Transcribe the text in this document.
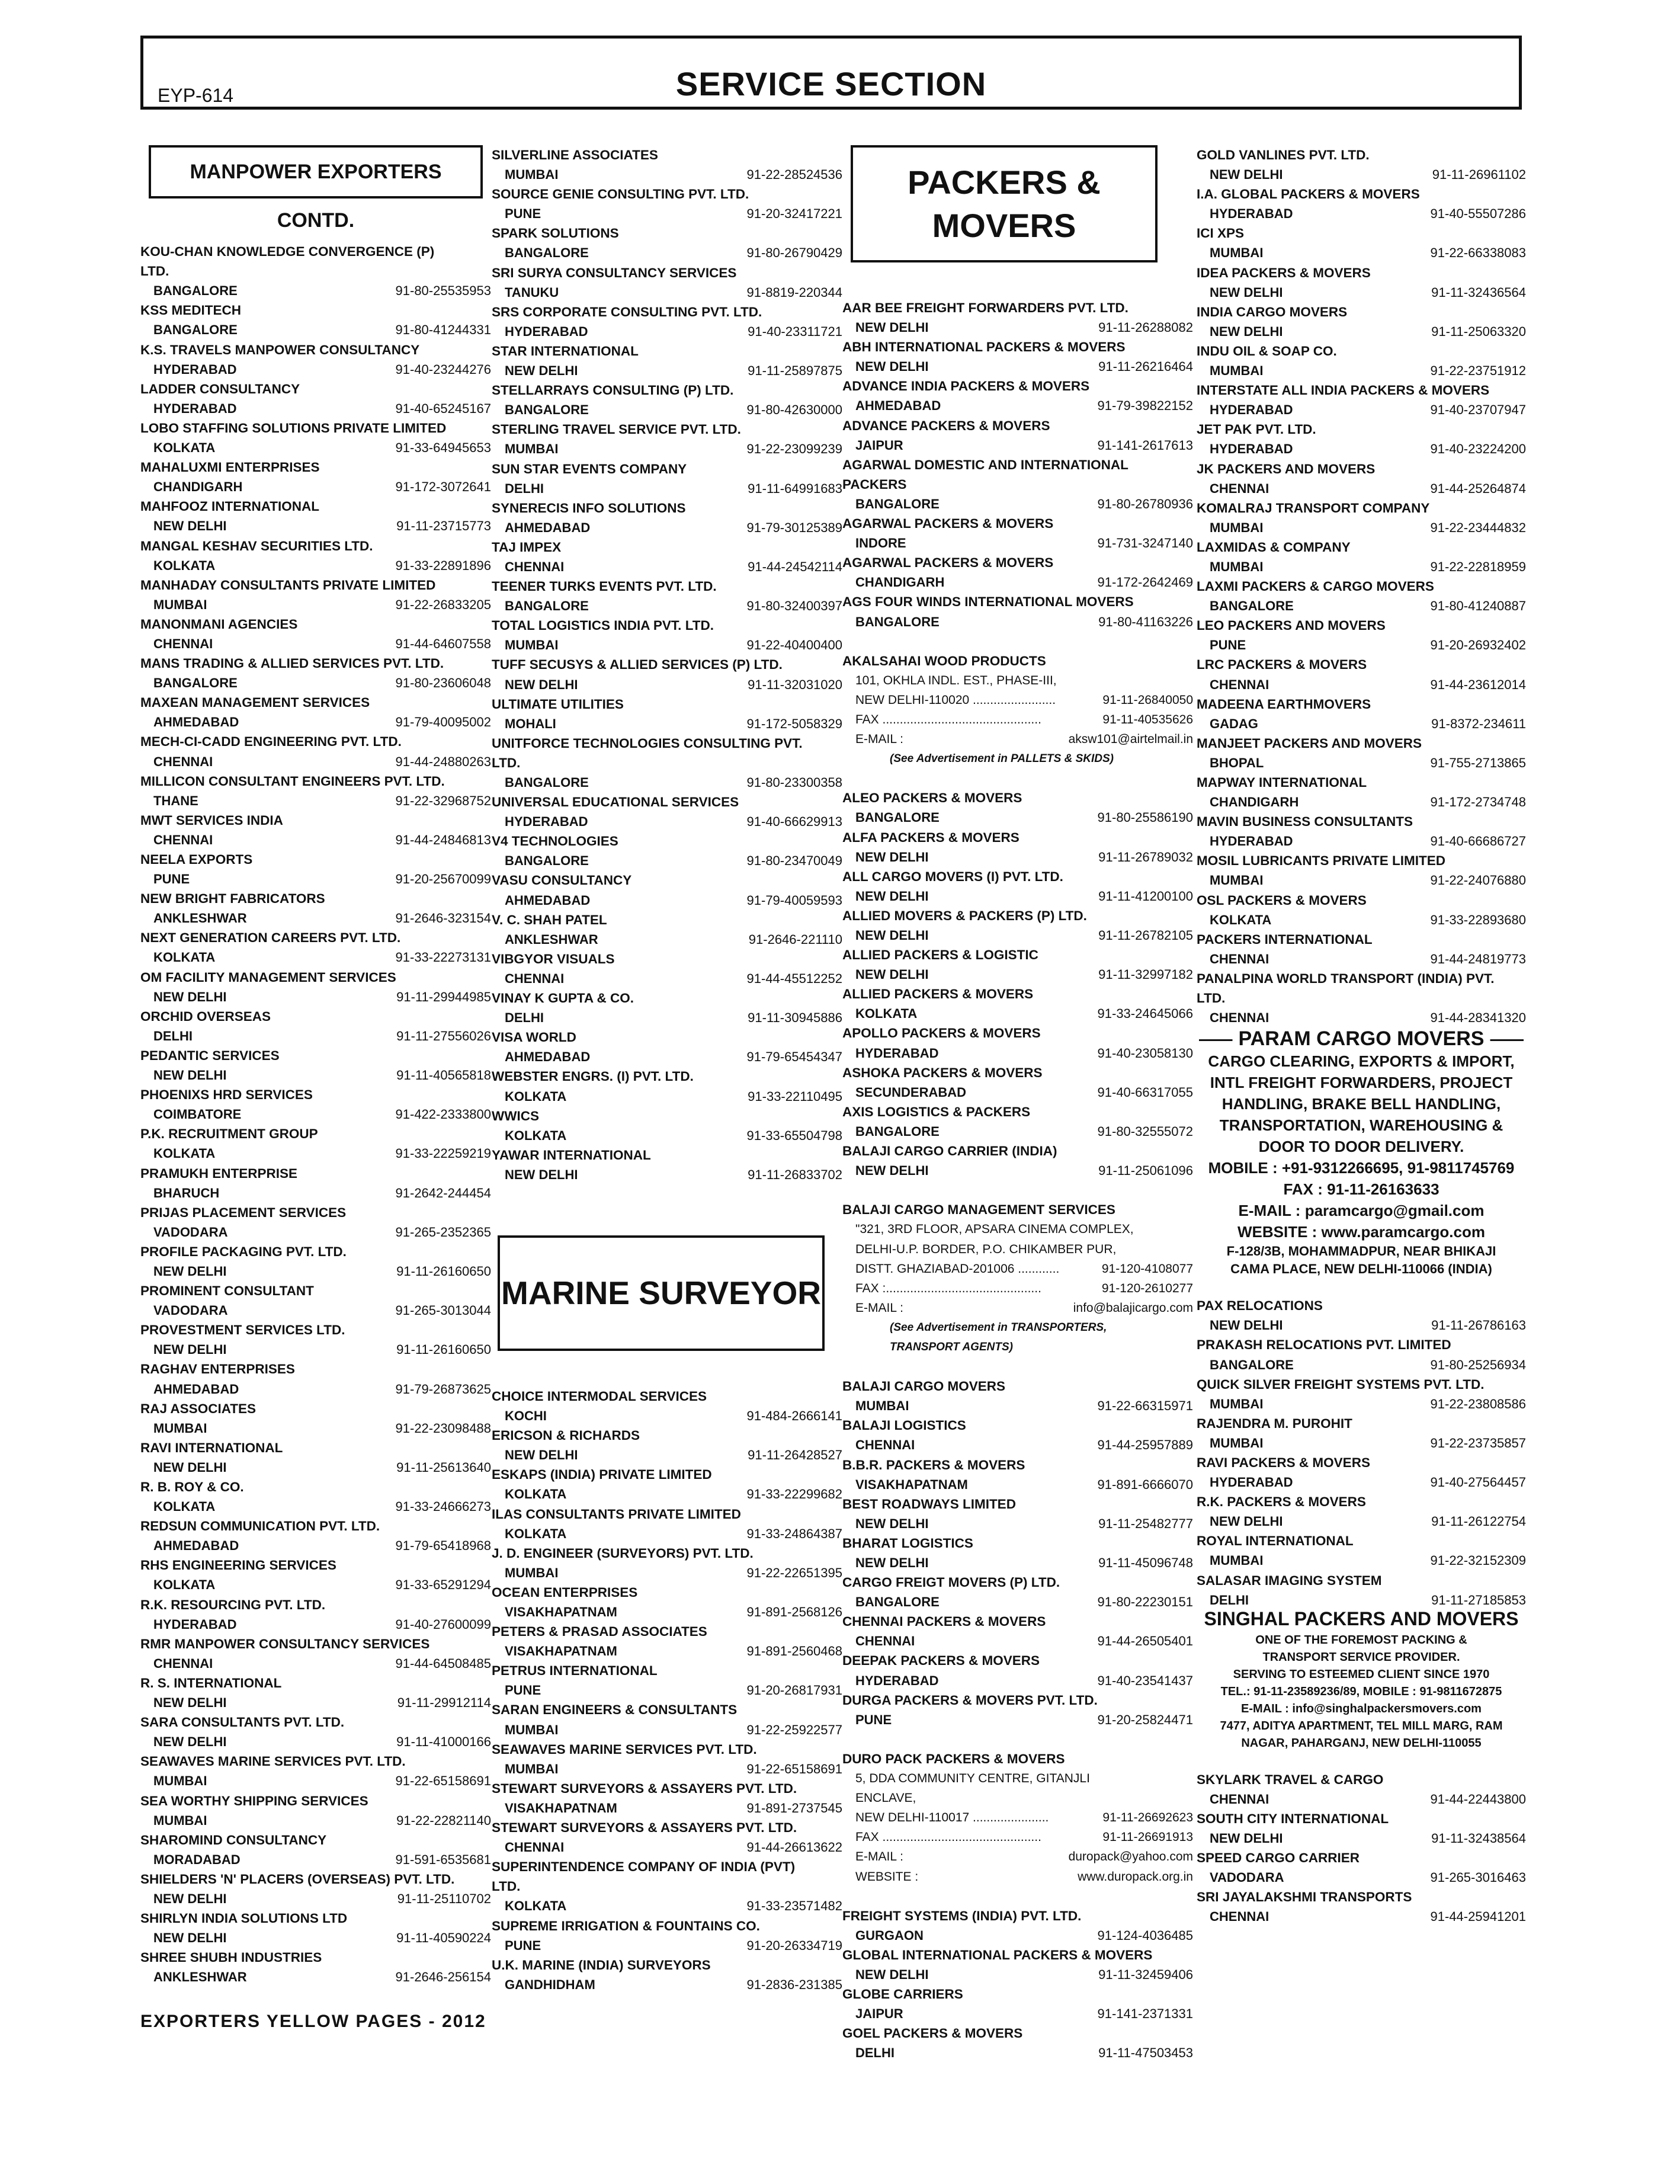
EYP-614	SERVICE SECTION
MANPOWER EXPORTERS CONTD.
KOU-CHAN KNOWLEDGE CONVERGENCE (P)
LTD.
BANGALORE	91-80-25535953
KSS MEDITECH
BANGALORE	91-80-41244331
K.S. TRAVELS MANPOWER CONSULTANCY
HYDERABAD	91-40-23244276
LADDER CONSULTANCY
HYDERABAD	91-40-65245167
LOBO STAFFING SOLUTIONS PRIVATE LIMITED
KOLKATA	91-33-64945653
MAHALUXMI ENTERPRISES
CHANDIGARH	91-172-3072641
MAHFOOZ INTERNATIONAL
NEW DELHI	91-11-23715773
MANGAL KESHAV SECURITIES LTD.
KOLKATA	91-33-22891896
MANHADAY CONSULTANTS PRIVATE LIMITED
MUMBAI	91-22-26833205
MANONMANI AGENCIES
CHENNAI	91-44-64607558
MANS TRADING & ALLIED SERVICES PVT. LTD.
BANGALORE	91-80-23606048
MAXEAN MANAGEMENT SERVICES
AHMEDABAD	91-79-40095002
MECH-CI-CADD ENGINEERING PVT. LTD.
CHENNAI	91-44-24880263
MILLICON CONSULTANT ENGINEERS PVT. LTD.
THANE	91-22-32968752
MWT SERVICES INDIA
CHENNAI	91-44-24846813
NEELA EXPORTS
PUNE	91-20-25670099
NEW BRIGHT FABRICATORS
ANKLESHWAR	91-2646-323154
NEXT GENERATION CAREERS PVT. LTD.
KOLKATA	91-33-22273131
OM FACILITY MANAGEMENT SERVICES
NEW DELHI	91-11-29944985
ORCHID OVERSEAS
DELHI	91-11-27556026
PEDANTIC SERVICES
NEW DELHI	91-11-40565818
PHOENIXS HRD SERVICES
COIMBATORE	91-422-2333800
P.K. RECRUITMENT GROUP
KOLKATA	91-33-22259219
PRAMUKH ENTERPRISE
BHARUCH	91-2642-244454
PRIJAS PLACEMENT SERVICES
VADODARA	91-265-2352365
PROFILE PACKAGING PVT. LTD.
NEW DELHI	91-11-26160650
PROMINENT CONSULTANT
VADODARA	91-265-3013044
PROVESTMENT SERVICES LTD.
NEW DELHI	91-11-26160650
RAGHAV ENTERPRISES
AHMEDABAD	91-79-26873625
RAJ ASSOCIATES
MUMBAI	91-22-23098488
RAVI INTERNATIONAL
NEW DELHI	91-11-25613640
R. B. ROY & CO.
KOLKATA	91-33-24666273
REDSUN COMMUNICATION PVT. LTD.
AHMEDABAD	91-79-65418968
RHS ENGINEERING SERVICES
KOLKATA	91-33-65291294
R.K. RESOURCING PVT. LTD.
HYDERABAD	91-40-27600099
RMR MANPOWER CONSULTANCY SERVICES
CHENNAI	91-44-64508485
R. S. INTERNATIONAL
NEW DELHI	91-11-29912114
SARA CONSULTANTS PVT. LTD.
NEW DELHI	91-11-41000166
SEAWAVES MARINE SERVICES PVT. LTD.
MUMBAI	91-22-65158691
SEA WORTHY SHIPPING SERVICES
MUMBAI	91-22-22821140
SHAROMIND CONSULTANCY
MORADABAD	91-591-6535681
SHIELDERS 'N' PLACERS (OVERSEAS) PVT. LTD.
NEW DELHI	91-11-25110702
SHIRLYN INDIA SOLUTIONS LTD
NEW DELHI	91-11-40590224
SHREE SHUBH INDUSTRIES
ANKLESHWAR	91-2646-256154
SILVERLINE ASSOCIATES
MUMBAI	91-22-28524536
SOURCE GENIE CONSULTING PVT. LTD.
PUNE	91-20-32417221
SPARK SOLUTIONS
BANGALORE	91-80-26790429
SRI SURYA CONSULTANCY SERVICES
TANUKU	91-8819-220344
SRS CORPORATE CONSULTING PVT. LTD.
HYDERABAD	91-40-23311721
STAR INTERNATIONAL
NEW DELHI	91-11-25897875
STELLARRAYS CONSULTING (P) LTD.
BANGALORE	91-80-42630000
STERLING TRAVEL SERVICE PVT. LTD.
MUMBAI	91-22-23099239
SUN STAR EVENTS COMPANY
DELHI	91-11-64991683
SYNERECIS INFO SOLUTIONS
AHMEDABAD	91-79-30125389
TAJ IMPEX
CHENNAI	91-44-24542114
TEENER TURKS EVENTS PVT. LTD.
BANGALORE	91-80-32400397
TOTAL LOGISTICS INDIA PVT. LTD.
MUMBAI	91-22-40400400
TUFF SECUSYS & ALLIED SERVICES (P) LTD.
NEW DELHI	91-11-32031020
ULTIMATE UTILITIES
MOHALI	91-172-5058329
UNITFORCE TECHNOLOGIES CONSULTING PVT.
LTD.
BANGALORE	91-80-23300358
UNIVERSAL EDUCATIONAL SERVICES
HYDERABAD	91-40-66629913
V4 TECHNOLOGIES
BANGALORE	91-80-23470049
VASU CONSULTANCY
AHMEDABAD	91-79-40059593
V. C. SHAH PATEL
ANKLESHWAR	91-2646-221110
VIBGYOR VISUALS
CHENNAI	91-44-45512252
VINAY K GUPTA & CO.
DELHI	91-11-30945886
VISA WORLD
AHMEDABAD	91-79-65454347
WEBSTER ENGRS. (I) PVT. LTD.
KOLKATA	91-33-22110495
WWICS
KOLKATA	91-33-65504798
YAWAR INTERNATIONAL
NEW DELHI	91-11-26833702
MARINE SURVEYOR
CHOICE INTERMODAL SERVICES
KOCHI	91-484-2666141
ERICSON & RICHARDS
NEW DELHI	91-11-26428527
ESKAPS (INDIA) PRIVATE LIMITED
KOLKATA	91-33-22299682
ILAS CONSULTANTS PRIVATE LIMITED
KOLKATA	91-33-24864387
J. D. ENGINEER (SURVEYORS) PVT. LTD.
MUMBAI	91-22-22651395
OCEAN ENTERPRISES
VISAKHAPATNAM	91-891-2568126
PETERS & PRASAD ASSOCIATES
VISAKHAPATNAM	91-891-2560468
PETRUS INTERNATIONAL
PUNE	91-20-26817931
SARAN ENGINEERS & CONSULTANTS
MUMBAI	91-22-25922577
SEAWAVES MARINE SERVICES PVT. LTD.
MUMBAI	91-22-65158691
STEWART SURVEYORS & ASSAYERS PVT. LTD.
VISAKHAPATNAM	91-891-2737545
STEWART SURVEYORS & ASSAYERS PVT. LTD.
CHENNAI	91-44-26613622
SUPERINTENDENCE COMPANY OF INDIA (PVT)
LTD.
KOLKATA	91-33-23571482
SUPREME IRRIGATION & FOUNTAINS CO.
PUNE	91-20-26334719
U.K. MARINE (INDIA) SURVEYORS
GANDHIDHAM	91-2836-231385
PACKERS & MOVERS
AAR BEE FREIGHT FORWARDERS PVT. LTD.
NEW DELHI	91-11-26288082
ABH INTERNATIONAL PACKERS & MOVERS
NEW DELHI	91-11-26216464
ADVANCE INDIA PACKERS & MOVERS
AHMEDABAD	91-79-39822152
ADVANCE PACKERS & MOVERS
JAIPUR	91-141-2617613
AGARWAL DOMESTIC AND INTERNATIONAL
PACKERS
BANGALORE	91-80-26780936
AGARWAL PACKERS & MOVERS
INDORE	91-731-3247140
AGARWAL PACKERS & MOVERS
CHANDIGARH	91-172-2642469
AGS FOUR WINDS INTERNATIONAL MOVERS
BANGALORE	91-80-41163226
AKALSAHAI WOOD PRODUCTS
101, OKHLA INDL. EST., PHASE-III,
NEW DELHI-110020 ........................	91-11-26840050
FAX ..............................................	91-11-40535626
E-MAIL :	aksw101@airtelmail.in
(See Advertisement in PALLETS & SKIDS)
ALEO PACKERS & MOVERS
BANGALORE	91-80-25586190
ALFA PACKERS & MOVERS
NEW DELHI	91-11-26789032
ALL CARGO MOVERS (I) PVT. LTD.
NEW DELHI	91-11-41200100
ALLIED MOVERS & PACKERS (P) LTD.
NEW DELHI	91-11-26782105
ALLIED PACKERS & LOGISTIC
NEW DELHI	91-11-32997182
ALLIED PACKERS & MOVERS
KOLKATA	91-33-24645066
APOLLO PACKERS & MOVERS
HYDERABAD	91-40-23058130
ASHOKA PACKERS & MOVERS
SECUNDERABAD	91-40-66317055
AXIS LOGISTICS & PACKERS
BANGALORE	91-80-32555072
BALAJI CARGO CARRIER (INDIA)
NEW DELHI	91-11-25061096
BALAJI CARGO MANAGEMENT SERVICES
"321, 3RD FLOOR, APSARA CINEMA COMPLEX,
DELHI-U.P. BORDER, P.O. CHIKAMBER PUR,
DISTT. GHAZIABAD-201006 ............	91-120-4108077
FAX :.............................................	91-120-2610277
E-MAIL :	info@balajicargo.com
(See Advertisement in TRANSPORTERS,
TRANSPORT AGENTS)
BALAJI CARGO MOVERS
MUMBAI	91-22-66315971
BALAJI LOGISTICS
CHENNAI	91-44-25957889
B.B.R. PACKERS & MOVERS
VISAKHAPATNAM	91-891-6666070
BEST ROADWAYS LIMITED
NEW DELHI	91-11-25482777
BHARAT LOGISTICS
NEW DELHI	91-11-45096748
CARGO FREIGT MOVERS (P) LTD.
BANGALORE	91-80-22230151
CHENNAI PACKERS & MOVERS
CHENNAI	91-44-26505401
DEEPAK PACKERS & MOVERS
HYDERABAD	91-40-23541437
DURGA PACKERS & MOVERS PVT. LTD.
PUNE	91-20-25824471
DURO PACK PACKERS & MOVERS
5, DDA COMMUNITY CENTRE, GITANJLI
ENCLAVE,
NEW DELHI-110017 ......................	91-11-26692623
FAX ..............................................	91-11-26691913
E-MAIL :	duropack@yahoo.com
WEBSITE :	www.duropack.org.in
FREIGHT SYSTEMS (INDIA) PVT. LTD.
GURGAON	91-124-4036485
GLOBAL INTERNATIONAL PACKERS & MOVERS
NEW DELHI	91-11-32459406
GLOBE CARRIERS
JAIPUR	91-141-2371331
GOEL PACKERS & MOVERS
DELHI	91-11-47503453
GOLD VANLINES PVT. LTD.
NEW DELHI	91-11-26961102
I.A. GLOBAL PACKERS & MOVERS
HYDERABAD	91-40-55507286
ICI XPS
MUMBAI	91-22-66338083
IDEA PACKERS & MOVERS
NEW DELHI	91-11-32436564
INDIA CARGO MOVERS
NEW DELHI	91-11-25063320
INDU OIL & SOAP CO.
MUMBAI	91-22-23751912
INTERSTATE ALL INDIA PACKERS & MOVERS
HYDERABAD	91-40-23707947
JET PAK PVT. LTD.
HYDERABAD	91-40-23224200
JK PACKERS AND MOVERS
CHENNAI	91-44-25264874
KOMALRAJ TRANSPORT COMPANY
MUMBAI	91-22-23444832
LAXMIDAS & COMPANY
MUMBAI	91-22-22818959
LAXMI PACKERS & CARGO MOVERS
BANGALORE	91-80-41240887
LEO PACKERS AND MOVERS
PUNE	91-20-26932402
LRC PACKERS & MOVERS
CHENNAI	91-44-23612014
MADEENA EARTHMOVERS
GADAG	91-8372-234611
MANJEET PACKERS AND MOVERS
BHOPAL	91-755-2713865
MAPWAY INTERNATIONAL
CHANDIGARH	91-172-2734748
MAVIN BUSINESS CONSULTANTS
HYDERABAD	91-40-66686727
MOSIL LUBRICANTS PRIVATE LIMITED
MUMBAI	91-22-24076880
OSL PACKERS & MOVERS
KOLKATA	91-33-22893680
PACKERS INTERNATIONAL
CHENNAI	91-44-24819773
PANALPINA WORLD TRANSPORT (INDIA) PVT.
LTD.
CHENNAI	91-44-28341320
PARAM CARGO MOVERS
CARGO CLEARING, EXPORTS & IMPORT,
INTL FREIGHT FORWARDERS, PROJECT
HANDLING, BRAKE BELL HANDLING,
TRANSPORTATION, WAREHOUSING &
DOOR TO DOOR DELIVERY.
MOBILE : +91-9312266695, 91-9811745769
FAX : 91-11-26163633
E-MAIL : paramcargo@gmail.com
WEBSITE : www.paramcargo.com
F-128/3B, MOHAMMADPUR, NEAR BHIKAJI
CAMA PLACE, NEW DELHI-110066 (INDIA)
PAX RELOCATIONS
NEW DELHI	91-11-26786163
PRAKASH RELOCATIONS PVT. LIMITED
BANGALORE	91-80-25256934
QUICK SILVER FREIGHT SYSTEMS PVT. LTD.
MUMBAI	91-22-23808586
RAJENDRA M. PUROHIT
MUMBAI	91-22-23735857
RAVI PACKERS & MOVERS
HYDERABAD	91-40-27564457
R.K. PACKERS & MOVERS
NEW DELHI	91-11-26122754
ROYAL INTERNATIONAL
MUMBAI	91-22-32152309
SALASAR IMAGING SYSTEM
DELHI	91-11-27185853
SINGHAL PACKERS AND MOVERS
ONE OF THE FOREMOST PACKING &
TRANSPORT SERVICE PROVIDER.
SERVING TO ESTEEMED CLIENT SINCE 1970
TEL.: 91-11-23589236/89, MOBILE : 91-9811672875
E-MAIL : info@singhalpackersmovers.com
7477, ADITYA APARTMENT, TEL MILL MARG, RAM
NAGAR, PAHARGANJ, NEW DELHI-110055
SKYLARK TRAVEL & CARGO
CHENNAI	91-44-22443800
SOUTH CITY INTERNATIONAL
NEW DELHI	91-11-32438564
SPEED CARGO CARRIER
VADODARA	91-265-3016463
SRI JAYALAKSHMI TRANSPORTS
CHENNAI	91-44-25941201
EXPORTERS YELLOW PAGES - 2012
